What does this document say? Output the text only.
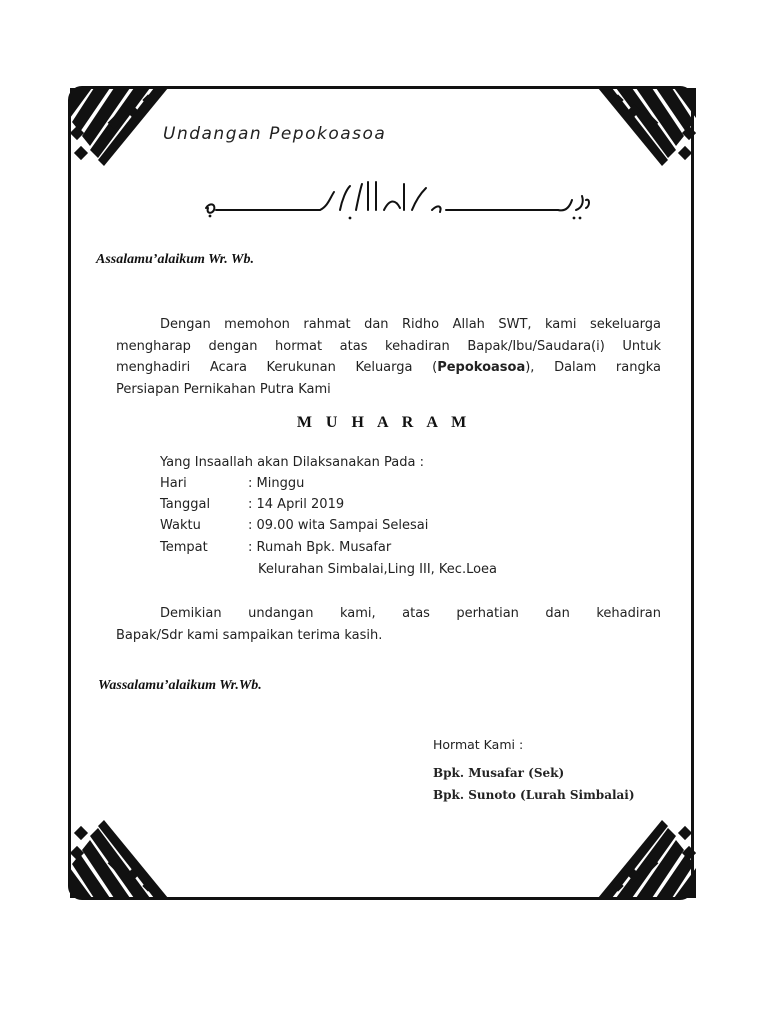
Undangan Pepokoasoa
Assalamu’alaikum Wr. Wb.
Dengan memohon rahmat dan Ridho Allah SWT, kami sekeluarga
mengharap dengan hormat atas kehadiran Bapak/Ibu/Saudara(i) Untuk
menghadiri Acara Kerukunan Keluarga (Pepokoasoa), Dalam rangka
Persiapan Pernikahan Putra Kami
M U H A R A M
Yang Insaallah akan Dilaksanakan Pada :
Hari	: Minggu
Tanggal	: 14 April 2019
Waktu	: 09.00 wita Sampai Selesai
Tempat	: Rumah Bpk. Musafar
Kelurahan Simbalai,Ling III, Kec.Loea
Demikian undangan kami, atas perhatian dan kehadiran
Bapak/Sdr kami sampaikan terima kasih.
Wassalamu’alaikum Wr.Wb.
Hormat Kami :
Bpk. Musafar (Sek)
Bpk. Sunoto (Lurah Simbalai)
